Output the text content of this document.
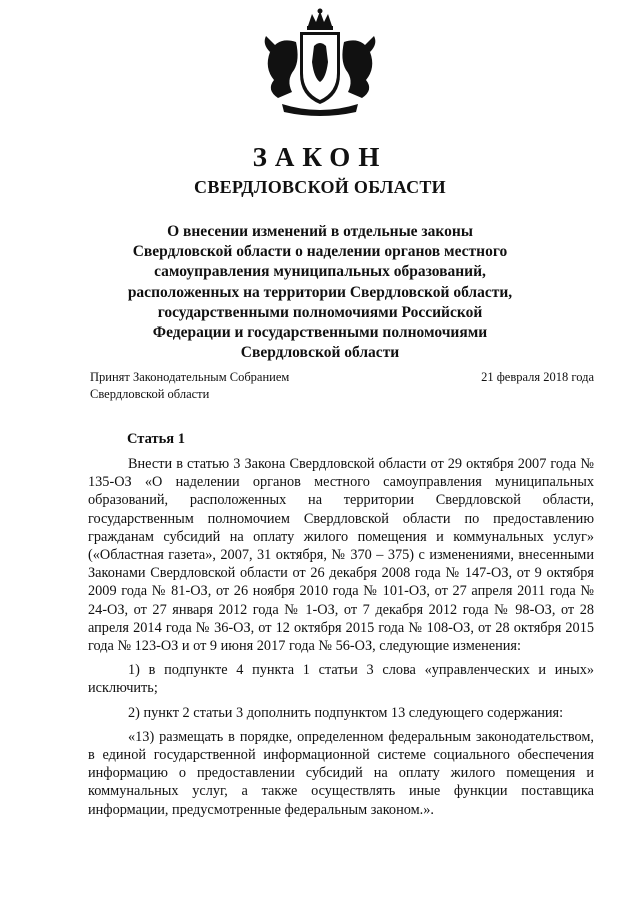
ЗАКОН
СВЕРДЛОВСКОЙ ОБЛАСТИ
О внесении изменений в отдельные законы
Свердловской области о наделении органов местного
самоуправления муниципальных образований,
расположенных на территории Свердловской области,
государственными полномочиями Российской
Федерации и государственными полномочиями
Свердловской области
Принят Законодательным Собранием
Свердловской области
21 февраля 2018 года
Статья 1

Внести в статью 3 Закона Свердловской области от 29 октября 2007 года № 135-ОЗ «О наделении органов местного самоуправления муниципальных образований, расположенных на территории Свердловской области, государственным полномочием Свердловской области по предоставлению гражданам субсидий на оплату жилого помещения и коммунальных услуг» («Областная газета», 2007, 31 октября, № 370 – 375) с изменениями, внесенными Законами Свердловской области от 26 декабря 2008 года № 147-ОЗ, от 9 октября 2009 года № 81-ОЗ, от 26 ноября 2010 года № 101-ОЗ, от 27 апреля 2011 года № 24-ОЗ, от 27 января 2012 года № 1-ОЗ, от 7 декабря 2012 года № 98-ОЗ, от 28 апреля 2014 года № 36-ОЗ, от 12 октября 2015 года № 108-ОЗ, от 28 октября 2015 года № 123-ОЗ и от 9 июня 2017 года № 56-ОЗ, следующие изменения:

1) в подпункте 4 пункта 1 статьи 3 слова «управленческих и иных» исключить;

2) пункт 2 статьи 3 дополнить подпунктом 13 следующего содержания:

«13) размещать в порядке, определенном федеральным законодательством, в единой государственной информационной системе социального обеспечения информацию о предоставлении субсидий на оплату жилого помещения и коммунальных услуг, а также осуществлять иные функции поставщика информации, предусмотренные федеральным законом.».
